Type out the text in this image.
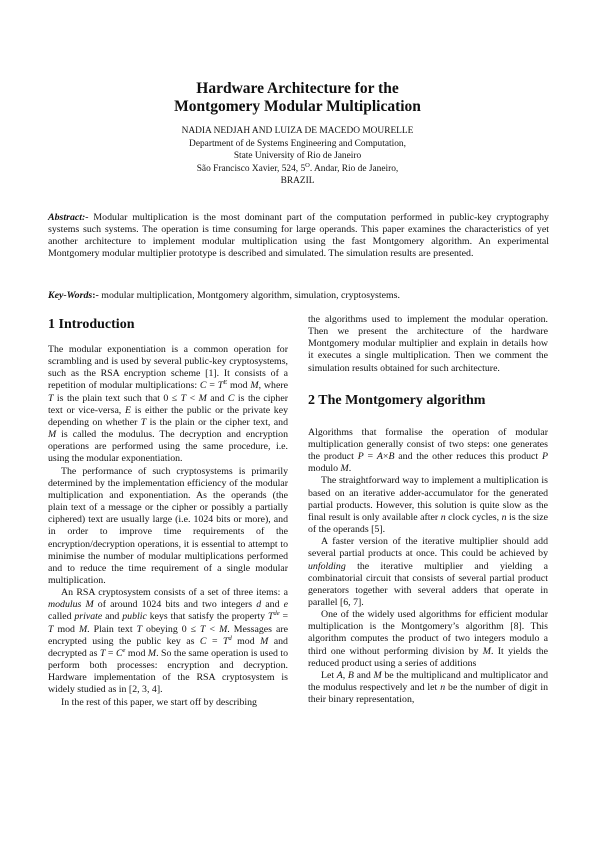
Hardware Architecture for the
Montgomery Modular Multiplication
NADIA NEDJAH AND LUIZA DE MACEDO MOURELLE
Department of de Systems Engineering and Computation,
State University of Rio de Janeiro
São Francisco Xavier, 524, $5^O$. Andar, Rio de Janeiro,
BRAZIL
Abstract:- Modular multiplication is the most dominant part of the computation performed in public-key cryptography systems such systems. The operation is time consuming for large operands. This paper examines the characteristics of yet another architecture to implement modular multiplication using the fast Montgomery algorithm. An experimental Montgomery modular multiplier prototype is described and simulated. The simulation results are presented.
Key-Words:- modular multiplication, Montgomery algorithm, simulation, cryptosystems.
1 Introduction

The modular exponentiation is a common operation for scrambling and is used by several public-key cryptosystems, such as the RSA encryption scheme [1]. It consists of a repetition of modular multiplications: $C = T^E$ mod M, where T is the plain text such that 0 ≤ T < M and C is the cipher text or vice-versa, E is either the public or the private key depending on whether T is the plain or the cipher text, and M is called the modulus. The decryption and encryption operations are performed using the same procedure, i.e. using the modular exponentiation.

The performance of such cryptosystems is primarily determined by the implementation efficiency of the modular multiplication and exponentiation. As the operands (the plain text of a message or the cipher or possibly a partially ciphered) text are usually large (i.e. 1024 bits or more), and in order to improve time requirements of the encryption/decryption operations, it is essential to attempt to minimise the number of modular multiplications performed and to reduce the time requirement of a single modular multiplication.

An RSA cryptosystem consists of a set of three items: a modulus M of around 1024 bits and two integers d and e called private and public keys that satisfy the property $T^{de} = T$ mod M. Plain text T obeying 0 ≤ T < M. Messages are encrypted using the public key as $C = T^d$ mod M and decrypted as $T = C^e$ mod M. So the same operation is used to perform both processes: encryption and decryption. Hardware implementation of the RSA cryptosystem is widely studied as in [2, 3, 4].

In the rest of this paper, we start off by describing

the algorithms used to implement the modular operation. Then we present the architecture of the hardware Montgomery modular multiplier and explain in details how it executes a single multiplication. Then we comment the simulation results obtained for such architecture.

2 The Montgomery algorithm

Algorithms that formalise the operation of modular multiplication generally consist of two steps: one generates the product P = A×B and the other reduces this product P modulo M.

The straightforward way to implement a multiplication is based on an iterative adder-accumulator for the generated partial products. However, this solution is quite slow as the final result is only available after n clock cycles, n is the size of the operands [5].

A faster version of the iterative multiplier should add several partial products at once. This could be achieved by unfolding the iterative multiplier and yielding a combinatorial circuit that consists of several partial product generators together with several adders that operate in parallel [6, 7].

One of the widely used algorithms for efficient modular multiplication is the Montgomery’s algorithm [8]. This algorithm computes the product of two integers modulo a third one without performing division by M. It yields the reduced product using a series of additions

Let A, B and M be the multiplicand and multiplicator and the modulus respectively and let n be the number of digit in their binary representation,
